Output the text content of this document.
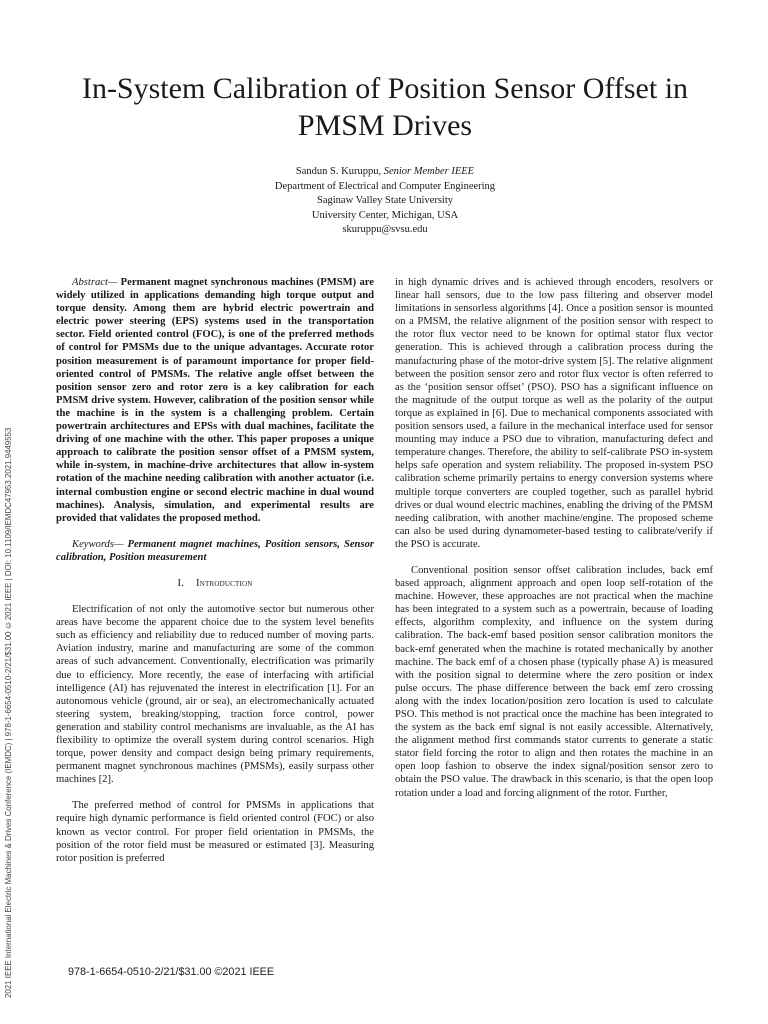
2021 IEEE International Electric Machines & Drives Conference (IEMDC) | 978-1-6654-0510-2/21/$31.00 ©2021 IEEE | DOI: 10.1109/IEMDC47953.2021.9449553
In-System Calibration of Position Sensor Offset in
PMSM Drives
Sandun S. Kuruppu, Senior Member IEEE
Department of Electrical and Computer Engineering
Saginaw Valley State University
University Center, Michigan, USA
skuruppu@svsu.edu

Abstract— Permanent magnet synchronous machines (PMSM) are widely utilized in applications demanding high torque output and torque density. Among them are hybrid electric powertrain and electric power steering (EPS) systems used in the transportation sector. Field oriented control (FOC), is one of the preferred methods of control for PMSMs due to the unique advantages. Accurate rotor position measurement is of paramount importance for proper field-oriented control of PMSMs. The relative angle offset between the position sensor zero and rotor zero is a key calibration for each PMSM drive system. However, calibration of the position sensor while the machine is in the system is a challenging problem. Certain powertrain architectures and EPSs with dual machines, facilitate the driving of one machine with the other. This paper proposes a unique approach to calibrate the position sensor offset of a PMSM system, while in-system, in machine-drive architectures that allow in-system rotation of the machine needing calibration with another actuator (i.e. internal combustion engine or second electric machine in dual wound machines). Analysis, simulation, and experimental results are provided that validates the proposed method.

Keywords— Permanent magnet machines, Position sensors, Sensor calibration, Position measurement

I. Introduction

Electrification of not only the automotive sector but numerous other areas have become the apparent choice due to the system level benefits such as efficiency and reliability due to reduced number of moving parts. Aviation industry, marine and manufacturing are some of the common areas of such advancement. Conventionally, electrification was primarily due to efficiency. More recently, the ease of interfacing with artificial intelligence (AI) has rejuvenated the interest in electrification [1]. For an autonomous vehicle (ground, air or sea), an electromechanically actuated steering system, breaking/stopping, traction force control, power generation and stability control mechanisms are invaluable, as the AI has flexibility to optimize the overall system during control scenarios. High torque, power density and compact design being primary requirements, permanent magnet synchronous machines (PMSMs), easily surpass other machines [2].

The preferred method of control for PMSMs in applications that require high dynamic performance is field oriented control (FOC) or also known as vector control. For proper field orientation in PMSMs, the position of the rotor field must be measured or estimated [3]. Measuring rotor position is preferred

in high dynamic drives and is achieved through encoders, resolvers or linear hall sensors, due to the low pass filtering and observer model limitations in sensorless algorithms [4]. Once a position sensor is mounted on a PMSM, the relative alignment of the position sensor with respect to the rotor flux vector need to be known for optimal stator flux vector generation. This is achieved through a calibration process during the manufacturing phase of the motor-drive system [5]. The relative alignment between the position sensor zero and rotor flux vector is often referred to as the ‘position sensor offset’ (PSO). PSO has a significant influence on the magnitude of the output torque as well as the polarity of the output torque as explained in [6]. Due to mechanical components associated with position sensors used, a failure in the mechanical interface used for sensor mounting may induce a PSO due to vibration, manufacturing defect and temperature changes. Therefore, the ability to self-calibrate PSO in-system helps safe operation and system reliability. The proposed in-system PSO calibration scheme primarily pertains to energy conversion systems where multiple torque converters are coupled together, such as parallel hybrid drives or dual wound electric machines, enabling the driving of the PMSM needing calibration, with another machine/engine. The proposed scheme can also be used during dynamometer-based testing to calibrate/verify if the PSO is accurate.

Conventional position sensor offset calibration includes, back emf based approach, alignment approach and open loop self-rotation of the machine. However, these approaches are not practical when the machine has been integrated to a system such as a powertrain, because of loading effects, algorithm complexity, and influence on the system during calibration. The back-emf based position sensor calibration monitors the back-emf generated when the machine is rotated mechanically by another machine. The back emf of a chosen phase (typically phase A) is measured with the position signal to determine where the zero position or index pulse occurs. The phase difference between the back emf zero crossing along with the index location/position zero location is used to calculate PSO. This method is not practical once the machine has been integrated to the system as the back emf signal is not easily accessible. Alternatively, the alignment method first commands stator currents to generate a static stator field forcing the rotor to align and then rotates the machine in an open loop fashion to observe the index signal/position sensor zero to obtain the PSO value. The drawback in this scenario, is that the open loop rotation under a load and forcing alignment of the rotor. Further,

978-1-6654-0510-2/21/$31.00 ©2021 IEEE
